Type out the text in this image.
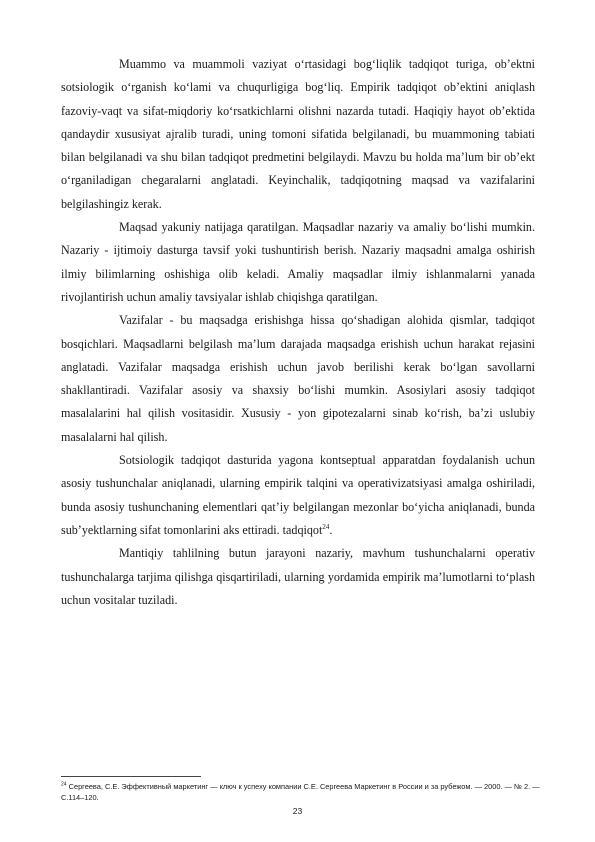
Muammo va muammoli vaziyat o‘rtasidagi bog‘liqlik tadqiqot turiga, ob’ektni sotsiologik o‘rganish ko‘lami va chuqurligiga bog‘liq. Empirik tadqiqot ob’ektini aniqlash fazoviy-vaqt va sifat-miqdoriy ko‘rsatkichlarni olishni nazarda tutadi. Haqiqiy hayot ob’ektida qandaydir xususiyat ajralib turadi, uning tomoni sifatida belgilanadi, bu muammoning tabiati bilan belgilanadi va shu bilan tadqiqot predmetini belgilaydi. Mavzu bu holda ma’lum bir ob’ekt o‘rganiladigan chegaralarni anglatadi. Keyinchalik, tadqiqotning maqsad va vazifalarini belgilashingiz kerak.

Maqsad yakuniy natijaga qaratilgan. Maqsadlar nazariy va amaliy bo‘lishi mumkin. Nazariy - ijtimoiy dasturga tavsif yoki tushuntirish berish. Nazariy maqsadni amalga oshirish ilmiy bilimlarning oshishiga olib keladi. Amaliy maqsadlar ilmiy ishlanmalarni yanada rivojlantirish uchun amaliy tavsiyalar ishlab chiqishga qaratilgan.

Vazifalar - bu maqsadga erishishga hissa qo‘shadigan alohida qismlar, tadqiqot bosqichlari. Maqsadlarni belgilash ma’lum darajada maqsadga erishish uchun harakat rejasini anglatadi. Vazifalar maqsadga erishish uchun javob berilishi kerak bo‘lgan savollarni shakllantiradi. Vazifalar asosiy va shaxsiy bo‘lishi mumkin. Asosiylari asosiy tadqiqot masalalarini hal qilish vositasidir. Xususiy - yon gipotezalarni sinab ko‘rish, ba’zi uslubiy masalalarni hal qilish.

Sotsiologik tadqiqot dasturida yagona kontseptual apparatdan foydalanish uchun asosiy tushunchalar aniqlanadi, ularning empirik talqini va operativizatsiyasi amalga oshiriladi, bunda asosiy tushunchaning elementlari qat’iy belgilangan mezonlar bo‘yicha aniqlanadi, bunda sub’yektlarning sifat tomonlarini aks ettiradi. tadqiqot$^{24}$.

Mantiqiy tahlilning butun jarayoni nazariy, mavhum tushunchalarni operativ tushunchalarga tarjima qilishga qisqartiriladi, ularning yordamida empirik ma’lumotlarni to‘plash uchun vositalar tuziladi.

$^{24}$ Сергеева, С.Е. Эффективный маркетинг — ключ к успеху компании С.Е. Сергеева Маркетинг в России и за рубежом. — 2000. — № 2. — С.114–120.
23
